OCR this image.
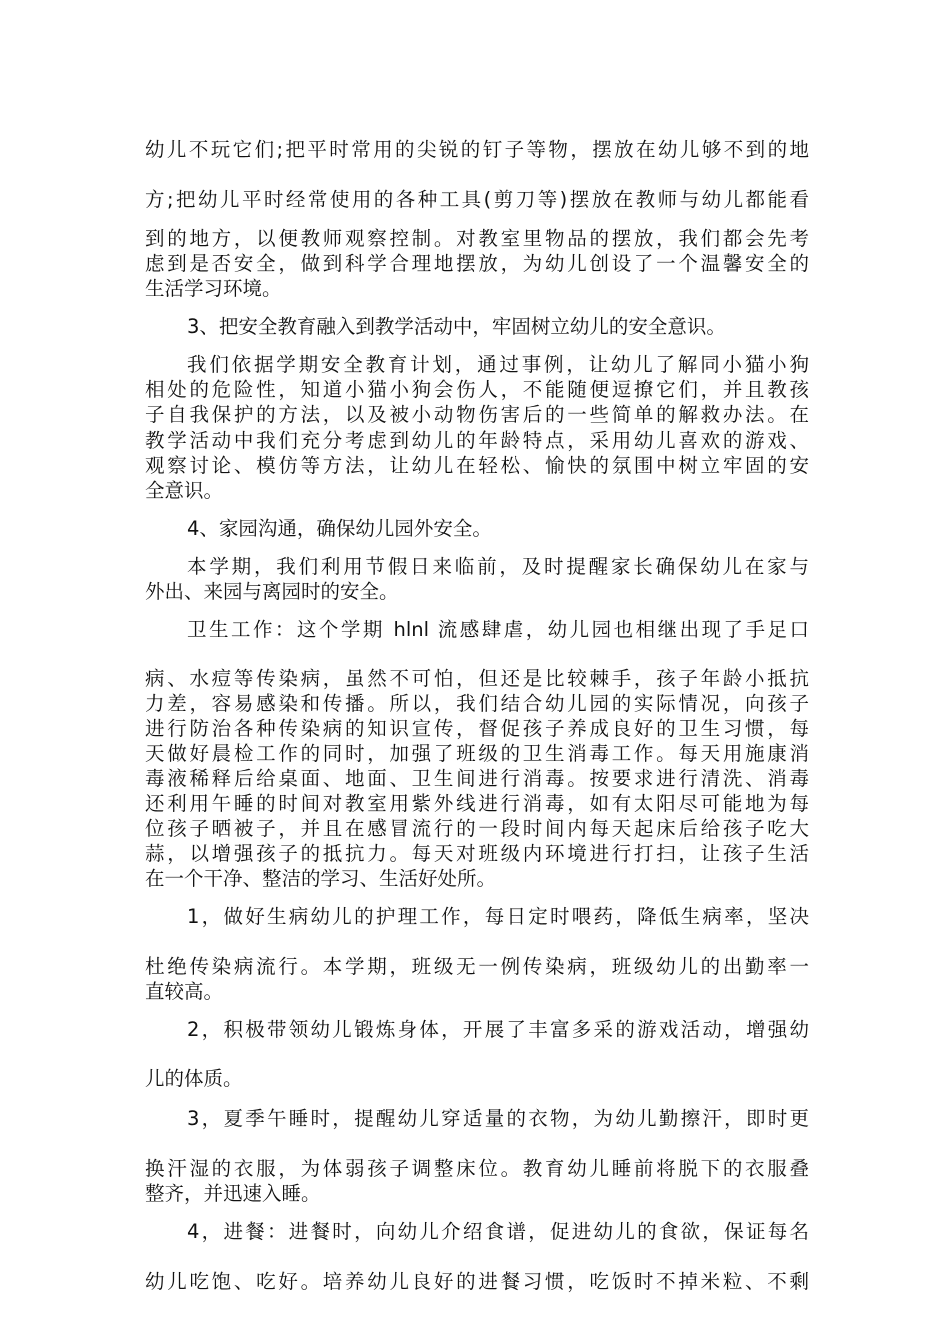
幼儿不玩它们;把平时常用的尖锐的钉子等物，摆放在幼儿够不到的地
方;把幼儿平时经常使用的各种工具(剪刀等)摆放在教师与幼儿都能看
到的地方，以便教师观察控制。对教室里物品的摆放，我们都会先考
虑到是否安全，做到科学合理地摆放，为幼儿创设了一个温馨安全的
生活学习环境。
3、把安全教育融入到教学活动中，牢固树立幼儿的安全意识。
我们依据学期安全教育计划，通过事例，让幼儿了解同小猫小狗
相处的危险性，知道小猫小狗会伤人，不能随便逗撩它们，并且教孩
子自我保护的方法，以及被小动物伤害后的一些简单的解救办法。在
教学活动中我们充分考虑到幼儿的年龄特点，采用幼儿喜欢的游戏、
观察讨论、模仿等方法，让幼儿在轻松、愉快的氛围中树立牢固的安
全意识。
4、家园沟通，确保幼儿园外安全。
本学期，我们利用节假日来临前，及时提醒家长确保幼儿在家与
外出、来园与离园时的安全。
卫生工作：这个学期 hlnl 流感肆虐，幼儿园也相继出现了手足口
病、水痘等传染病，虽然不可怕，但还是比较棘手，孩子年龄小抵抗
力差，容易感染和传播。所以，我们结合幼儿园的实际情况，向孩子
进行防治各种传染病的知识宣传，督促孩子养成良好的卫生习惯，每
天做好晨检工作的同时，加强了班级的卫生消毒工作。每天用施康消
毒液稀释后给桌面、地面、卫生间进行消毒。按要求进行清洗、消毒
还利用午睡的时间对教室用紫外线进行消毒，如有太阳尽可能地为每
位孩子晒被子，并且在感冒流行的一段时间内每天起床后给孩子吃大
蒜，以增强孩子的抵抗力。每天对班级内环境进行打扫，让孩子生活
在一个干净、整洁的学习、生活好处所。
1，做好生病幼儿的护理工作，每日定时喂药，降低生病率，坚决
杜绝传染病流行。本学期，班级无一例传染病，班级幼儿的出勤率一
直较高。
2，积极带领幼儿锻炼身体，开展了丰富多采的游戏活动，增强幼
儿的体质。
3，夏季午睡时，提醒幼儿穿适量的衣物，为幼儿勤擦汗，即时更
换汗湿的衣服，为体弱孩子调整床位。教育幼儿睡前将脱下的衣服叠
整齐，并迅速入睡。
4，进餐：进餐时，向幼儿介绍食谱，促进幼儿的食欲，保证每名
幼儿吃饱、吃好。培养幼儿良好的进餐习惯，吃饭时不掉米粒、不剩
